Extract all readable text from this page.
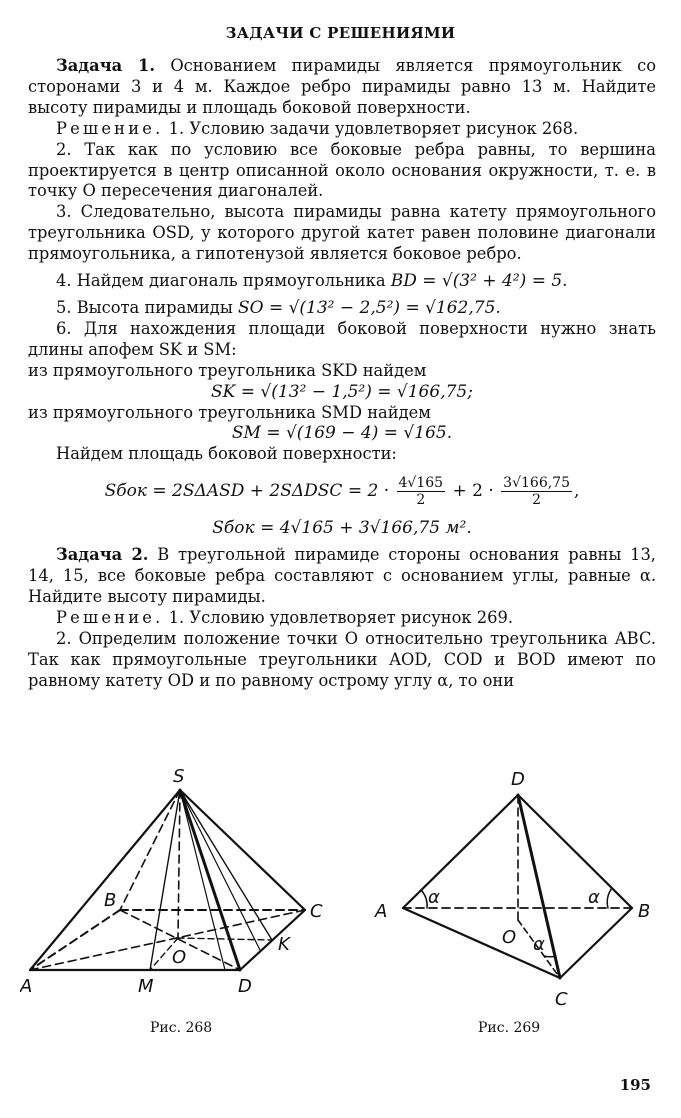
ЗАДАЧИ С РЕШЕНИЯМИ

Задача 1. Основанием пирамиды является прямоугольник со сторонами 3 и 4 м. Каждое ребро пирамиды равно 13 м. Найдите высоту пирамиды и площадь боковой поверхности.

Решение. 1. Условию задачи удовлетворяет рисунок 268.

2. Так как по условию все боковые ребра равны, то вершина проектируется в центр описанной около основания окружности, т. е. в точку O пересечения диагоналей.

3. Следовательно, высота пирамиды равна катету прямоугольного треугольника OSD, у которого другой катет равен половине диагонали прямоугольника, а гипотенузой является боковое ребро.

4. Найдем диагональ прямоугольника BD = √(3² + 4²) = 5.

5. Высота пирамиды SO = √(13² − 2,5²) = √162,75.

6. Для нахождения площади боковой поверхности нужно знать длины апофем SK и SM:

из прямоугольного треугольника SKD найдем

SK = √(13² − 1,5²) = √166,75;

из прямоугольного треугольника SMD найдем

SM = √(169 − 4) = √165.

Найдем площадь боковой поверхности:

Sбок = $2S\Delta ASD + 2S\Delta DSC = 2 \cdot \frac{4√165}{2} + 2 \cdot \frac{3√166,75}{2}$ ,

Sбок = 4√165 + 3√166,75 м².

Задача 2. В треугольной пирамиде стороны основания равны 13, 14, 15, все боковые ребра составляют с основанием углы, равные α. Найдите высоту пирамиды.

Решение. 1. Условию удовлетворяет рисунок 269.

2. Определим положение точки O относительно треугольника ABC. Так как прямоугольные треугольники AOD, COD и BOD имеют по равному катету OD и по равному острому углу α, то они

S
B
C
A	M	D
O
K
Рис. 268
D
A	B
C
O
α	α
α
Рис. 269
195
